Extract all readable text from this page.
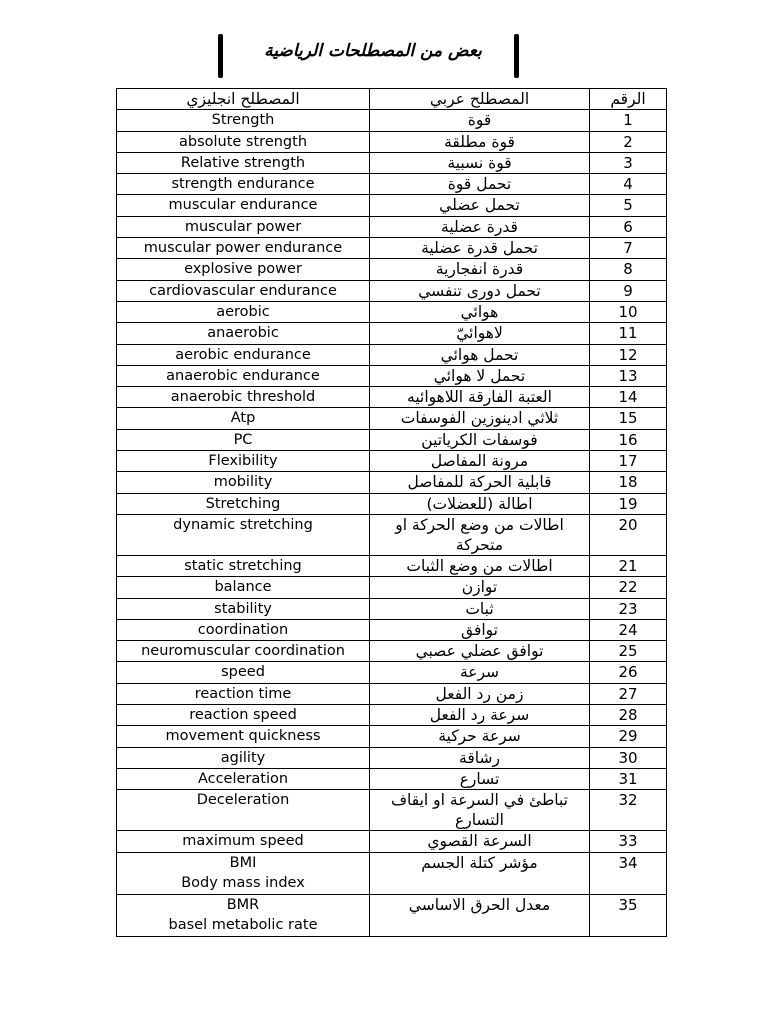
بعض من المصطلحات الرياضية
المصطلح انجليزي	المصطلح عربي	الرقم

Strength	قوة	1

absolute strength	قوة مطلقة	2

Relative strength	قوة نسبية	3

strength endurance	تحمل قوة	4

muscular endurance	تحمل عضلي	5

muscular power	قدرة عضلية	6

muscular power endurance	تحمل قدرة عضلية	7

explosive power	قدرة انفجارية	8

cardiovascular endurance	تحمل دورى تنفسي	9

aerobic	هوائي	10

anaerobic	لاهوائيّ	11

aerobic endurance	تحمل هوائي	12

anaerobic endurance	تحمل لا هوائي	13

anaerobic threshold	العتبة الفارقة اللاهوائيه	14

Atp	ثلاثي ادينوزين الفوسفات	15

PC	فوسفات الكرياتين	16

Flexibility	مرونة المفاصل	17

mobility	قابلية الحركة للمفاصل	18

Stretching	اطالة (للعضلات)	19

dynamic stretching	اطالات من وضع الحركة او متحركة	20

static stretching	اطالات من وضع الثبات	21

balance	توازن	22

stability	ثبات	23

coordination	توافق	24

neuromuscular coordination	توافق عضلي عصبي	25

speed	سرعة	26

reaction time	زمن رد الفعل	27

reaction speed	سرعة رد الفعل	28

movement quickness	سرعة حركية	29

agility	رشاقة	30

Acceleration	تسارع	31

Deceleration	تباطئ في السرعة او ايقاف التسارع	32

maximum speed	السرعة القصوي	33

BMI
Body mass index	مؤشر كتلة الجسم	34

BMR
basel metabolic rate	معدل الحرق الاساسي	35
